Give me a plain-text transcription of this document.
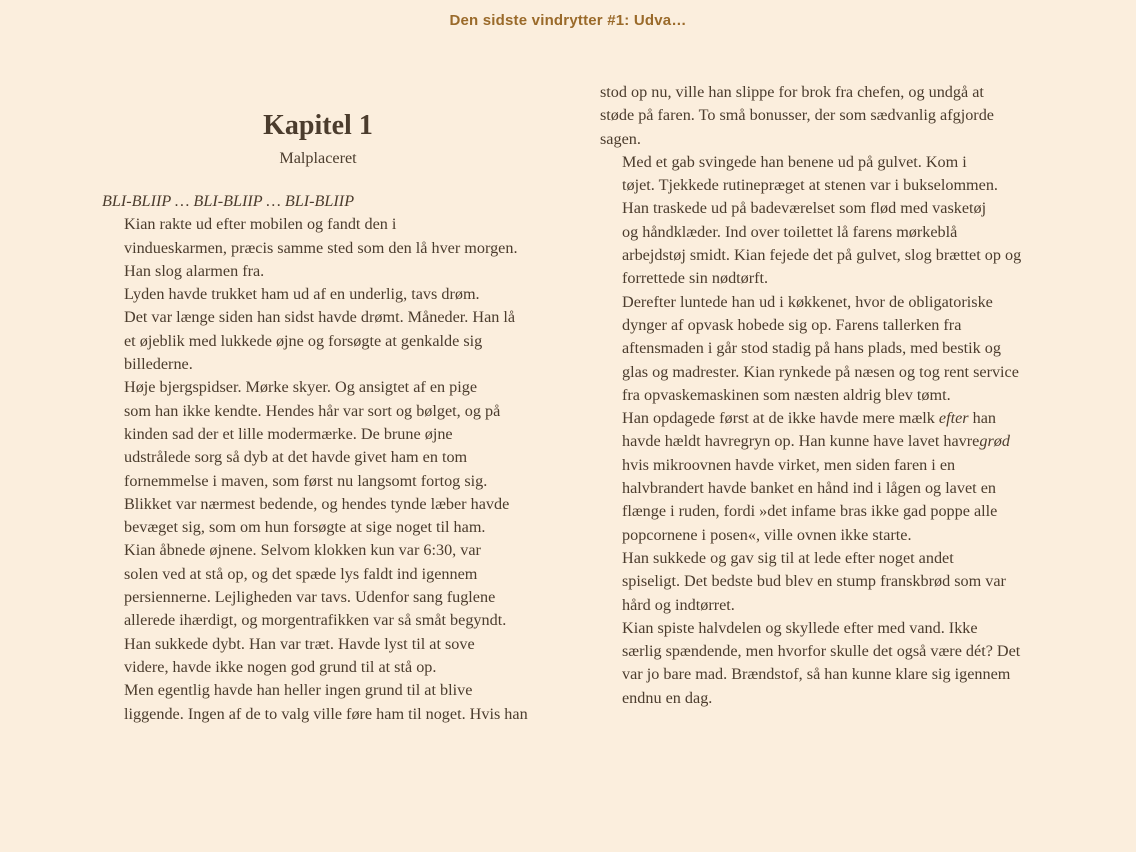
Den sidste vindrytter #1: Udva…
Kapitel 1
Malplaceret
BLI-BLIIP … BLI-BLIIP … BLI-BLIIP
Kian rakte ud efter mobilen og fandt den i
vindueskarmen, præcis samme sted som den lå hver morgen.
Han slog alarmen fra.
Lyden havde trukket ham ud af en underlig, tavs drøm.
Det var længe siden han sidst havde drømt. Måneder. Han lå
et øjeblik med lukkede øjne og forsøgte at genkalde sig
billederne.
Høje bjergspidser. Mørke skyer. Og ansigtet af en pige
som han ikke kendte. Hendes hår var sort og bølget, og på
kinden sad der et lille modermærke. De brune øjne
udstrålede sorg så dyb at det havde givet ham en tom
fornemmelse i maven, som først nu langsomt fortog sig.
Blikket var nærmest bedende, og hendes tynde læber havde
bevæget sig, som om hun forsøgte at sige noget til ham.
Kian åbnede øjnene. Selvom klokken kun var 6:30, var
solen ved at stå op, og det spæde lys faldt ind igennem
persiennerne. Lejligheden var tavs. Udenfor sang fuglene
allerede ihærdigt, og morgentrafikken var så småt begyndt.
Han sukkede dybt. Han var træt. Havde lyst til at sove
videre, havde ikke nogen god grund til at stå op.
Men egentlig havde han heller ingen grund til at blive
liggende. Ingen af de to valg ville føre ham til noget. Hvis han
stod op nu, ville han slippe for brok fra chefen, og undgå at
støde på faren. To små bonusser, der som sædvanlig afgjorde
sagen.
Med et gab svingede han benene ud på gulvet. Kom i
tøjet. Tjekkede rutinepræget at stenen var i bukselommen.
Han traskede ud på badeværelset som flød med vasketøj
og håndklæder. Ind over toilettet lå farens mørkeblå
arbejdstøj smidt. Kian fejede det på gulvet, slog brættet op og
forrettede sin nødtørft.
Derefter luntede han ud i køkkenet, hvor de obligatoriske
dynger af opvask hobede sig op. Farens tallerken fra
aftensmaden i går stod stadig på hans plads, med bestik og
glas og madrester. Kian rynkede på næsen og tog rent service
fra opvaskemaskinen som næsten aldrig blev tømt.
Han opdagede først at de ikke havde mere mælk efter han
havde hældt havregryn op. Han kunne have lavet havregrød
hvis mikroovnen havde virket, men siden faren i en
halvbrandert havde banket en hånd ind i lågen og lavet en
flænge i ruden, fordi »det infame bras ikke gad poppe alle
popcornene i posen«, ville ovnen ikke starte.
Han sukkede og gav sig til at lede efter noget andet
spiseligt. Det bedste bud blev en stump franskbrød som var
hård og indtørret.
Kian spiste halvdelen og skyllede efter med vand. Ikke
særlig spændende, men hvorfor skulle det også være dét? Det
var jo bare mad. Brændstof, så han kunne klare sig igennem
endnu en dag.
